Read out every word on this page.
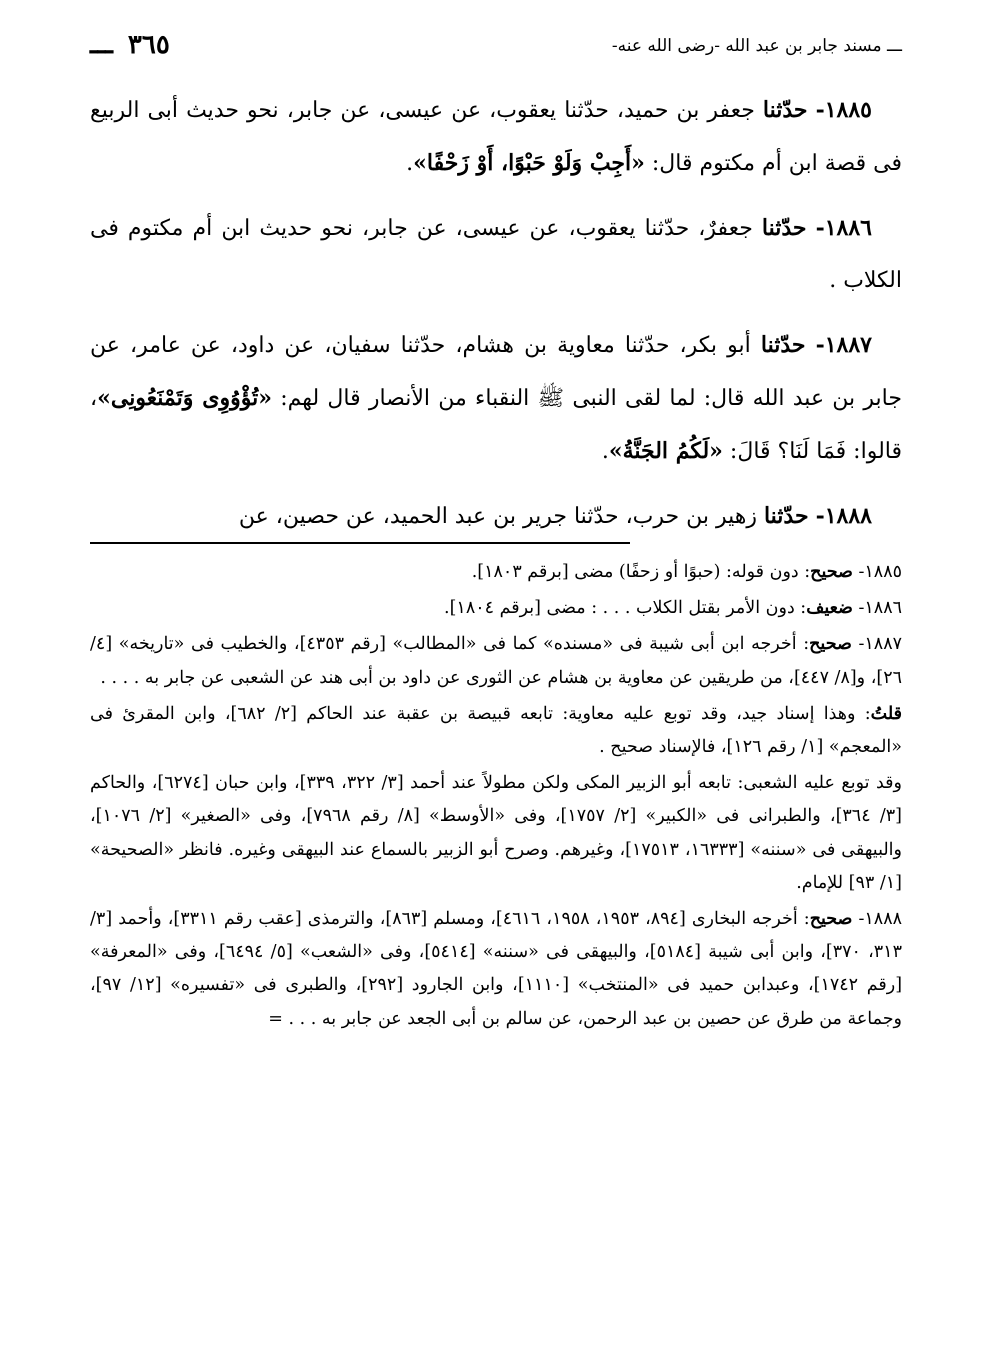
ـــ مسند جابر بن عبد الله -رضى الله عنه-
٣٦٥ ـــ

١٨٨٥- حدّثنا جعفر بن حميد، حدّثنا يعقوب، عن عيسى، عن جابر، نحو حديث أبى الربيع فى قصة ابن أم مكتوم قال: «أَجِبْ وَلَوْ حَبْوًا، أَوْ زَحْفًا».

١٨٨٦- حدّثنا جعفرٌ، حدّثنا يعقوب، عن عيسى، عن جابر، نحو حديث ابن أم مكتوم فى الكلاب .

١٨٨٧- حدّثنا أبو بكر، حدّثنا معاوية بن هشام، حدّثنا سفيان، عن داود، عن عامر، عن جابر بن عبد الله قال: لما لقى النبى ﷺ النقباء من الأنصار قال لهم: «تُؤْوُوِى وَتَمْنَعُونِى»، قالوا: فَمَا لَنَا؟ قَالَ: «لَكُمُ الجَنَّةُ».

١٨٨٨- حدّثنا زهير بن حرب، حدّثنا جرير بن عبد الحميد، عن حصين، عن

١٨٨٥- صحيح: دون قوله: (حبوًا أو زحفًا) مضى [برقم ١٨٠٣].

١٨٨٦- ضعيف: دون الأمر بقتل الكلاب . . . : مضى [برقم ١٨٠٤].

١٨٨٧- صحيح: أخرجه ابن أبى شيبة فى «مسنده» كما فى «المطالب» [رقم ٤٣٥٣]، والخطيب فى «تاريخه» [٤/ ٢٦]، و[٨/ ٤٤٧]، من طريقين عن معاوية بن هشام عن الثورى عن داود بن أبى هند عن الشعبى عن جابر به . . . .

قلتُ: وهذا إسناد جيد، وقد توبع عليه معاوية: تابعه قبيصة بن عقبة عند الحاكم [٢/ ٦٨٢]، وابن المقرئ فى «المعجم» [١/ رقم ١٢٦]، فالإسناد صحيح .

وقد توبع عليه الشعبى: تابعه أبو الزبير المكى ولكن مطولاً عند أحمد [٣/ ٣٢٢، ٣٣٩]، وابن حبان [٦٢٧٤]، والحاكم [٣/ ٣٦٤]، والطبرانى فى «الكبير» [٢/ ١٧٥٧]، وفى «الأوسط» [٨/ رقم ٧٩٦٨]، وفى «الصغير» [٢/ ١٠٧٦]، والبيهقى فى «سننه» [١٦٣٣٣، ١٧٥١٣]، وغيرهم. وصرح أبو الزبير بالسماع عند البيهقى وغيره. فانظر «الصحيحة» [١/ ٩٣] للإمام.

١٨٨٨- صحيح: أخرجه البخارى [٨٩٤، ١٩٥٣، ١٩٥٨، ٤٦١٦]، ومسلم [٨٦٣]، والترمذى [عقب رقم ٣٣١١]، وأحمد [٣/ ٣١٣، ٣٧٠]، وابن أبى شيبة [٥١٨٤]، والبيهقى فى «سننه» [٥٤١٤]، وفى «الشعب» [٥/ ٦٤٩٤]، وفى «المعرفة» [رقم ١٧٤٢]، وعبدابن حميد فى «المنتخب» [١١١٠]، وابن الجارود [٢٩٢]، والطبرى فى «تفسيره» [١٢/ ٩٧]، وجماعة من طرق عن حصين بن عبد الرحمن، عن سالم بن أبى الجعد عن جابر به . . . =
